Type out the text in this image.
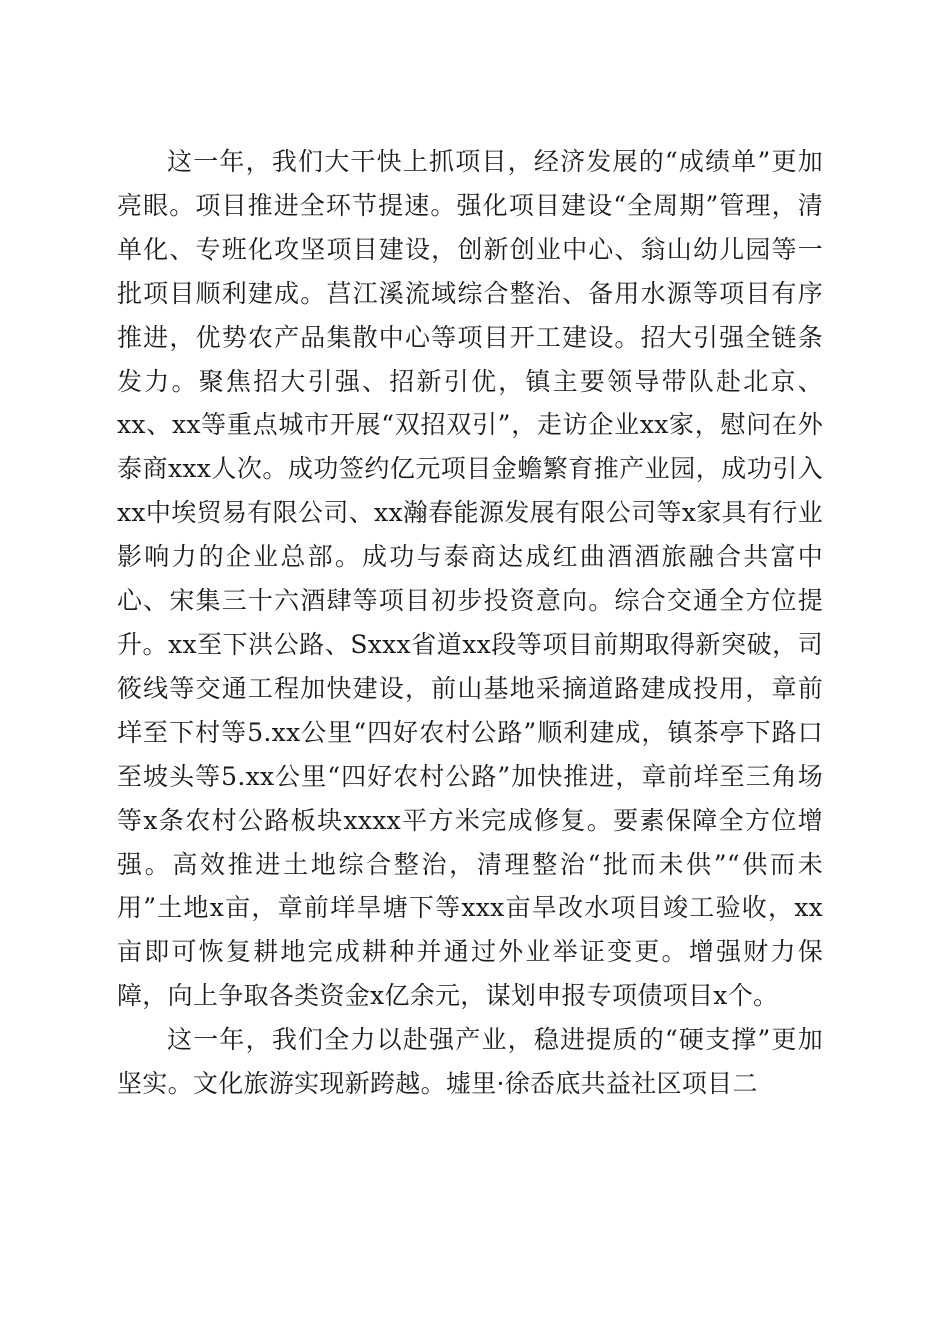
这一年，我们大干快上抓项目，经济发展的“成绩单”更加亮眼。项目推进全环节提速。强化项目建设“全周期”管理，清单化、专班化攻坚项目建设，创新创业中心、翁山幼儿园等一批项目顺利建成。莒江溪流域综合整治、备用水源等项目有序推进，优势农产品集散中心等项目开工建设。招大引强全链条发力。聚焦招大引强、招新引优，镇主要领导带队赴北京、xx、xx等重点城市开展“双招双引”，走访企业xx家，慰问在外泰商xxx人次。成功签约亿元项目金蟾繁育推产业园，成功引入xx中埃贸易有限公司、xx瀚春能源发展有限公司等x家具有行业影响力的企业总部。成功与泰商达成红曲酒酒旅融合共富中心、宋集三十六酒肆等项目初步投资意向。综合交通全方位提升。xx至下洪公路、Sxxx省道xx段等项目前期取得新突破，司筱线等交通工程加快建设，前山基地采摘道路建成投用，章前垟至下村等5.xx公里“四好农村公路”顺利建成，镇茶亭下路口至坡头等5.xx公里“四好农村公路”加快推进，章前垟至三角场等x条农村公路板块xxxx平方米完成修复。要素保障全方位增强。高效推进土地综合整治，清理整治“批而未供”“供而未用”土地x亩，章前垟旱塘下等xxx亩旱改水项目竣工验收，xx亩即可恢复耕地完成耕种并通过外业举证变更。增强财力保障，向上争取各类资金x亿余元，谋划申报专项债项目x个。

这一年，我们全力以赴强产业，稳进提质的“硬支撑”更加坚实。文化旅游实现新跨越。墟里·徐岙底共益社区项目二
